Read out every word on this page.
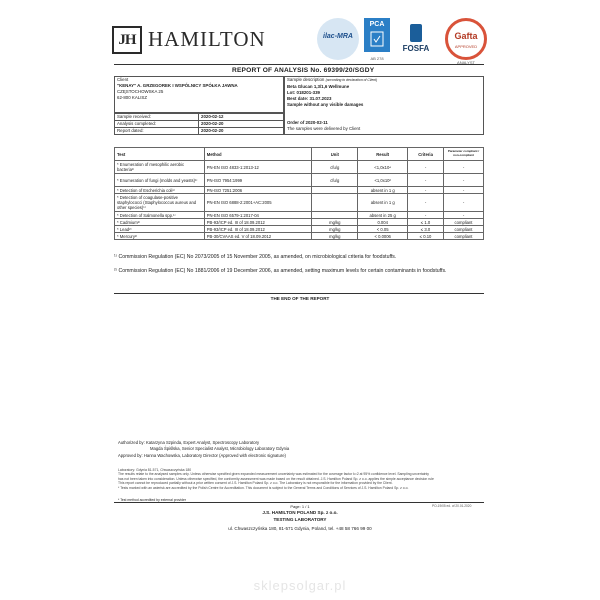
JH HAMILTON	ilac-MRA
PCA
AB 278
FOSFA
Gafta
APPROVED
ANALYST
REPORT OF ANALYSIS No. 69399/20/SGDY
Client
"KENAY" A. GRZEGOREK I WSPÓLNICY SPÓŁKA JAWNA
CZĘSTOCHOWSKA 25
62-800 KALISZ
Sample description (according to declaration of Client)
Beta Glucan 1,3/1,6 Wellmune
Lot: 018201-339
Best date: 31.07.2023
Sample without any visible damages
Order of 2020-02-11
The samples were delivered by Client
Sample received:	2020-02-12
Analysis completed:	2020-02-20
Report dated:	2020-02-20
Test	Method	Unit	Result	Criteria	Parameter compliant / non-compliant
* Enumeration of mesophilic aerobic bacteria¹⁾	PN-EN ISO 4833-1:2013-12	cfu/g	<1,0x10⁴	-	-
* Enumeration of fungi (molds and yeasts)¹⁾	PN-ISO 7954:1999	cfu/g	<1,0x10²	-	-
* Detection of Escherichia coli¹⁾	PN-ISO 7251:2006		absent in 1 g	-	-
* Detection of coagulase-positive staphylococci (Staphylococcus aureus and other species)¹⁾	PN-EN ISO 6888-2:2001+AC:2005		absent in 1 g	-	-
* Detection of Salmonella spp.¹⁾	PN-EN ISO 6579-1:2017-04		absent in 25 g	-	-
* Cadmium²⁾	PB-93/ICP ed. III of 18.09.2012	mg/kg	0.004	≤ 1.0	compliant
* Lead²⁾	PB-93/ICP ed. III of 18.09.2012	mg/kg	< 0.05	≤ 3.0	compliant
* Mercury²⁾	PB-30/CVAAS ed. V of 18.09.2012	mg/kg	< 0.0006	≤ 0.10	compliant
¹⁾ Commission Regulation (EC) No 2073/2005 of 15 November 2005, as amended, on microbiological criteria for foodstuffs.
²⁾ Commission Regulation (EC) No 1881/2006 of 19 December 2006, as amended, setting maximum levels for certain contaminants in foodstuffs.
THE END OF THE REPORT
Authorized by: Katarzyna Szpinda, Expert Analyst, Spectroscopy Laboratory
Magda Śpiślska, Senior Specialist Analyst, Microbiology Laboratory Gdynia
Approved by: Hanna Wachowska, Laboratory Director (Approved with electronic signature)
Laboratory: Gdynia 81-571, Chwaszczyńska 180
The results relate to the analysed samples only. Unless otherwise specified given expanded measurement uncertainty was estimated for the coverage factor k=2 at 95% confidence level. Sampling uncertainty
has not been taken into consideration. Unless otherwise specified, the conformity assessment was made based on the result obtained. J.S. Hamilton Poland Sp. z o.o. applies the simple acceptance decision rule
This report cannot be reproduced partially without a prior written consent of J.S. Hamilton Poland Sp. z o.o. The Laboratory is not responsible for the information provided by the Client.
* Tests marked with an asterisk are accredited by the Polish Centre for Accreditation. This document is subject to the General Terms and Conditions of Services of J.S. Hamilton Poland Sp. z o.o.
* Test method accredited by external provider
PO-19/05 ed. of 20.01.2020
Page: 1 / 1
J.S. HAMILTON POLAND Sp. z o.o.
TESTING LABORATORY
ul. Chwaszczyńska 180, 81-571 Gdynia, Poland, tel. +48 58 766 99 00
sklepsolgar.pl
